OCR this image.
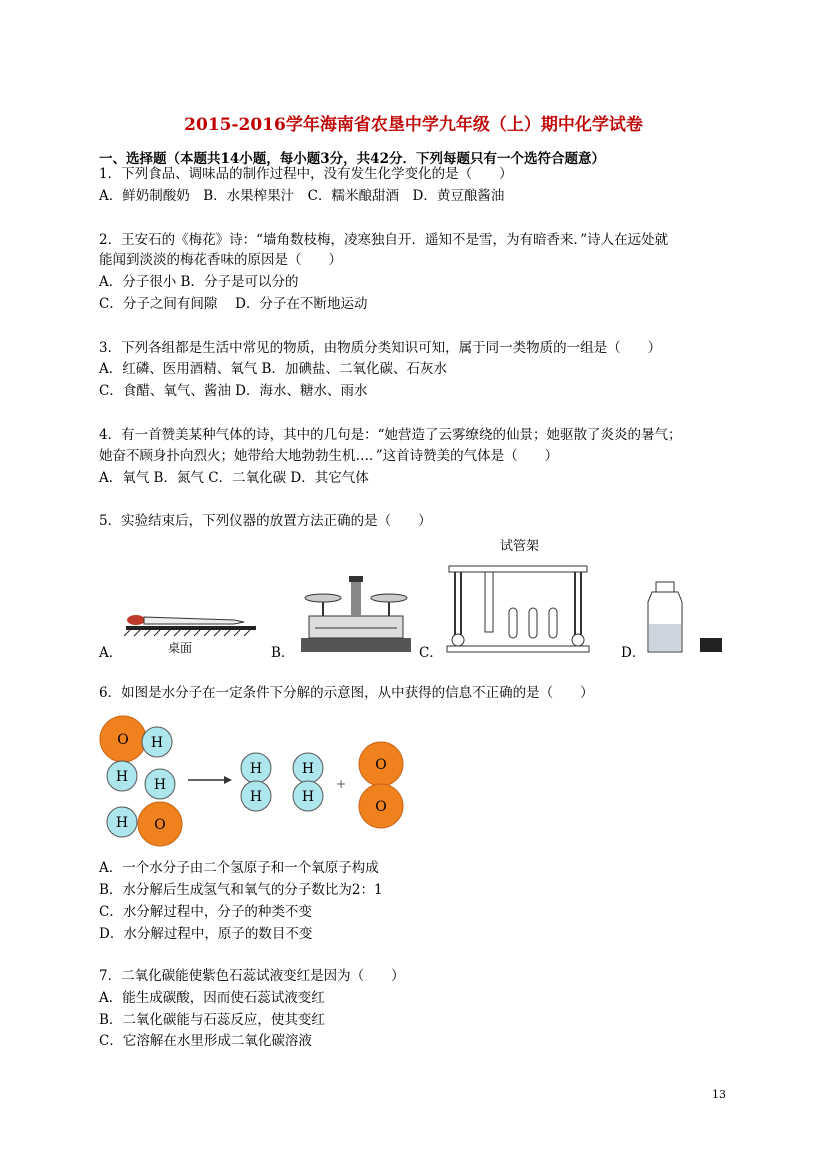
2015-2016学年海南省农垦中学九年级（上）期中化学试卷
一、选择题（本题共14小题，每小题3分，共42分．下列每题只有一个选符合题意）
1．下列食品、调味品的制作过程中，没有发生化学变化的是（　　）
A．鲜奶制酸奶　B．水果榨果汁　C．糯米酿甜酒　D．黄豆酿酱油
2．王安石的《梅花》诗：“墙角数枝梅，凌寒独自开．遥知不是雪，为有暗香来．”诗人在远处就
能闻到淡淡的梅花香味的原因是（　　）
A．分子很小 B．分子是可以分的
C．分子之间有间隙　 D．分子在不断地运动
3．下列各组都是生活中常见的物质，由物质分类知识可知，属于同一类物质的一组是（　　）
A．红磷、医用酒精、氧气 B．加碘盐、二氧化碳、石灰水
C．食醋、氧气、酱油 D．海水、糖水、雨水
4．有一首赞美某种气体的诗，其中的几句是：“她营造了云雾缭绕的仙景；她驱散了炎炎的暑气；
她奋不顾身扑向烈火；她带给大地勃勃生机…．”这首诗赞美的气体是（　　）
A．氧气 B．氮气 C．二氧化碳 D．其它气体
5．实验结束后，下列仪器的放置方法正确的是（　　）
A．	桌面	B．	C．
试管架
D．
6．如图是水分子在一定条件下分解的示意图，从中获得的信息不正确的是（　　）
O H
H H
H O
H
H
H
H
+
O
O
A．一个水分子由二个氢原子和一个氧原子构成
B．水分解后生成氢气和氧气的分子数比为2：1
C．水分解过程中，分子的种类不变
D．水分解过程中，原子的数目不变
7．二氧化碳能使紫色石蕊试液变红是因为（　　）
A．能生成碳酸，因而使石蕊试液变红
B．二氧化碳能与石蕊反应，使其变红
C．它溶解在水里形成二氧化碳溶液
13
